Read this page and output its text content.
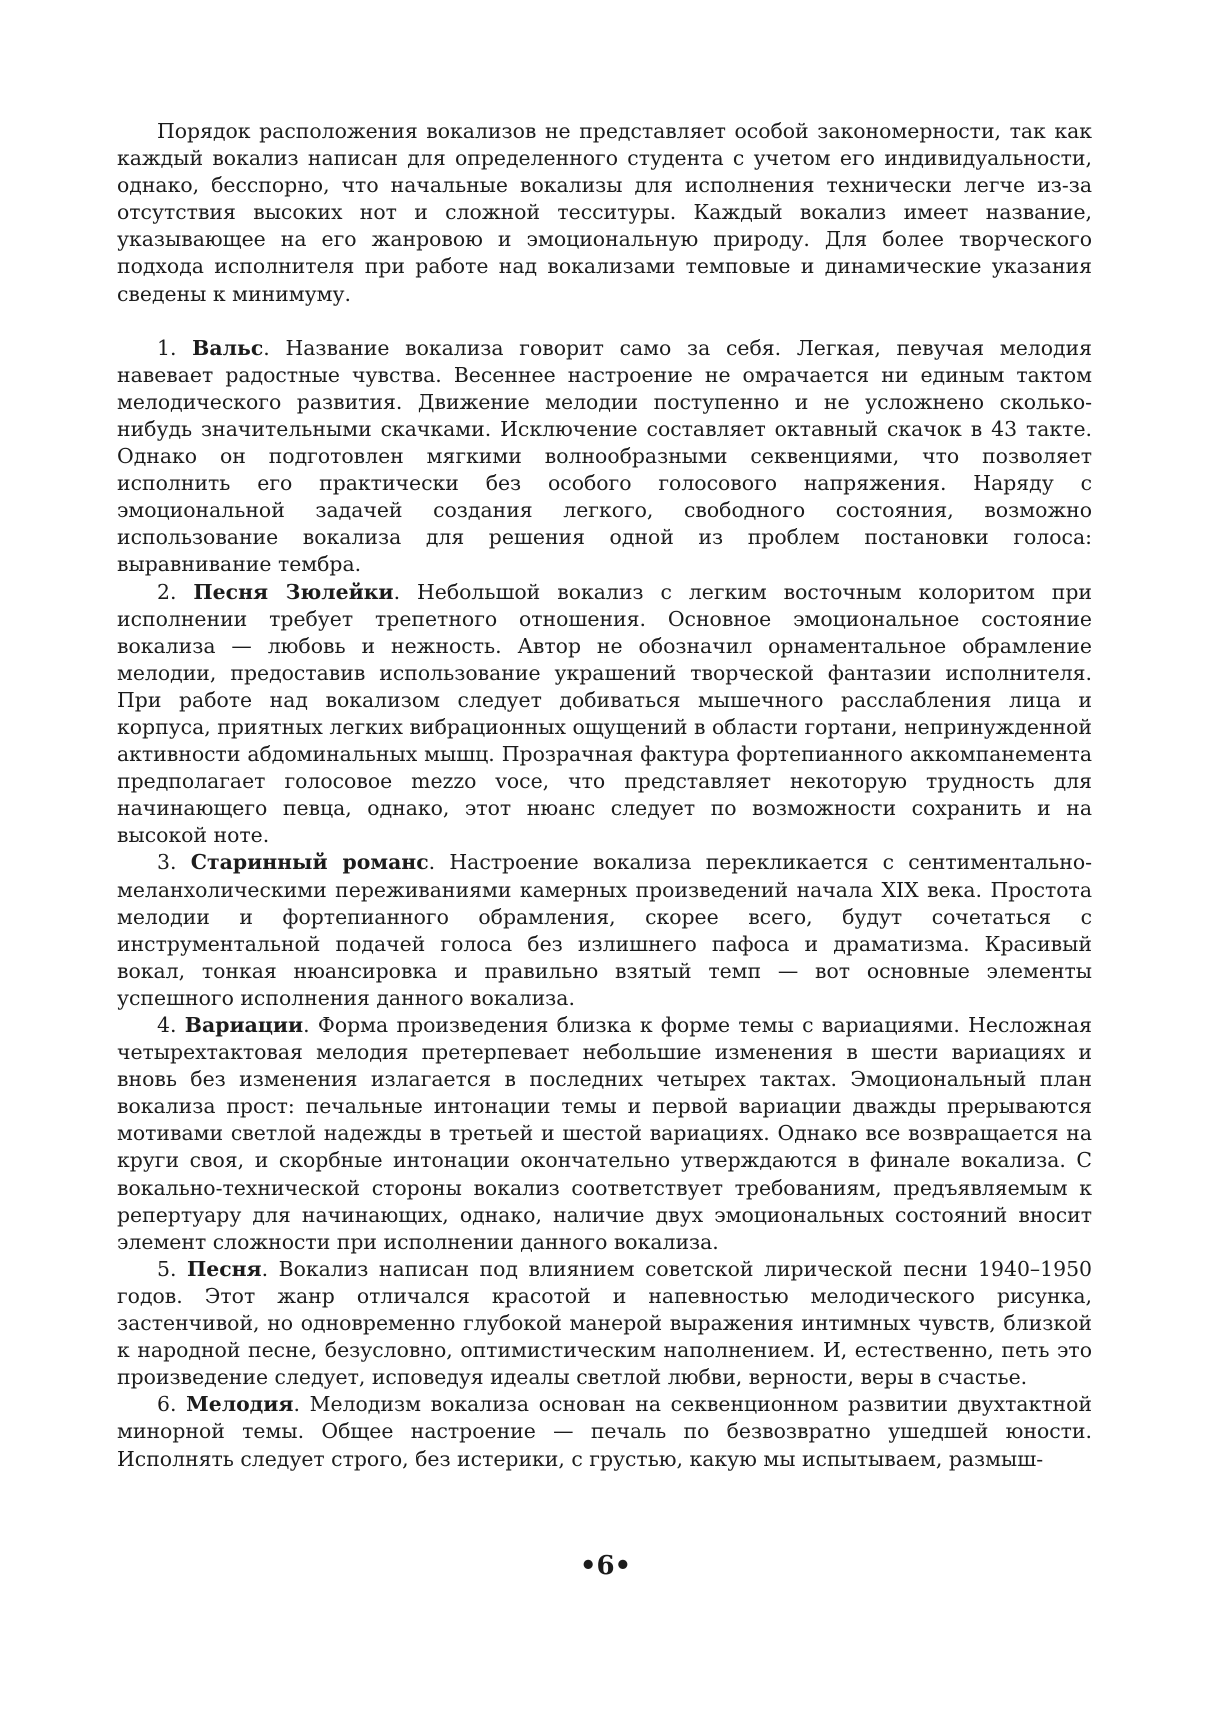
Порядок расположения вокализов не представляет особой закономерности, так как каждый вокализ написан для определенного студента с учетом его индивидуальности, однако, бесспорно, что начальные вокализы для исполнения технически легче из-за отсутствия высоких нот и сложной тесситуры. Каждый вокализ имеет название, указывающее на его жанровою и эмоциональную природу. Для более творческого подхода исполнителя при работе над вокализами темповые и динамические указания сведены к минимуму.

1. Вальс. Название вокализа говорит само за себя. Легкая, певучая мелодия навевает радостные чувства. Весеннее настроение не омрачается ни единым тактом мелодического развития. Движение мелодии поступенно и не усложнено сколько-нибудь значительными скачками. Исключение составляет октавный скачок в 43 такте. Однако он подготовлен мягкими волнообразными секвенциями, что позволяет исполнить его практически без особого голосового напряжения. Наряду с эмоциональной задачей создания легкого, свободного состояния, возможно использование вокализа для решения одной из проблем постановки голоса: выравнивание тембра.

2. Песня Зюлейки. Небольшой вокализ с легким восточным колоритом при исполнении требует трепетного отношения. Основное эмоциональное состояние вокализа — любовь и нежность. Автор не обозначил орнаментальное обрамление мелодии, предоставив использование украшений творческой фантазии исполнителя. При работе над вокализом следует добиваться мышечного расслабления лица и корпуса, приятных легких вибрационных ощущений в области гортани, непринужденной активности абдоминальных мышц. Прозрачная фактура фортепианного аккомпанемента предполагает голосовое mezzo voce, что представляет некоторую трудность для начинающего певца, однако, этот нюанс следует по возможности сохранить и на высокой ноте.

3. Старинный романс. Настроение вокализа перекликается с сентиментально-меланхолическими переживаниями камерных произведений начала XIX века. Простота мелодии и фортепианного обрамления, скорее всего, будут сочетаться с инструментальной подачей голоса без излишнего пафоса и драматизма. Красивый вокал, тонкая нюансировка и правильно взятый темп — вот основные элементы успешного исполнения данного вокализа.

4. Вариации. Форма произведения близка к форме темы с вариациями. Несложная четырехтактовая мелодия претерпевает небольшие изменения в шести вариациях и вновь без изменения излагается в последних четырех тактах. Эмоциональный план вокализа прост: печальные интонации темы и первой вариации дважды прерываются мотивами светлой надежды в третьей и шестой вариациях. Однако все возвращается на круги своя, и скорбные интонации окончательно утверждаются в финале вокализа. С вокально-технической стороны вокализ соответствует требованиям, предъявляемым к репертуару для начинающих, однако, наличие двух эмоциональных состояний вносит элемент сложности при исполнении данного вокализа.

5. Песня. Вокализ написан под влиянием советской лирической песни 1940–1950 годов. Этот жанр отличался красотой и напевностью мелодического рисунка, застенчивой, но одновременно глубокой манерой выражения интимных чувств, близкой к народной песне, безусловно, оптимистическим наполнением. И, естественно, петь это произведение следует, исповедуя идеалы светлой любви, верности, веры в счастье.

6. Мелодия. Мелодизм вокализа основан на секвенционном развитии двухтактной минорной темы. Общее настроение — печаль по безвозвратно ушедшей юности. Исполнять следует строго, без истерики, с грустью, какую мы испытываем, размыш-

•6•
